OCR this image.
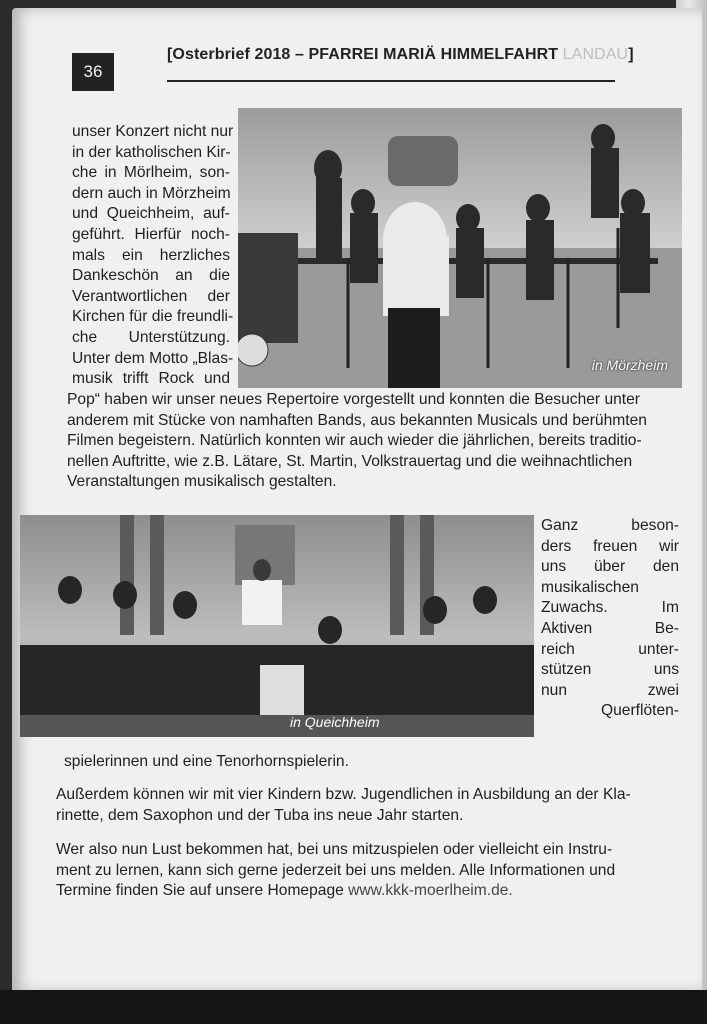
36
[Osterbrief 2018 – PFARREI MARIÄ HIMMELFAHRT LANDAU]
in Mörzheim
in Queichheim
unser Konzert nicht nur
in der katholischen Kir-
che in Mörlheim, son-
dern auch in Mörzheim
und Queichheim, auf-
geführt. Hierfür noch-
mals ein herzliches
Dankeschön an die
Verantwortlichen der
Kirchen für die freundli-
che Unterstützung.
Unter dem Motto „Blas-
musik trifft Rock und
Pop“ haben wir unser neues Repertoire vorgestellt und konnten die Besucher unter
anderem mit Stücke von namhaften Bands, aus bekannten Musicals und berühmten
Filmen begeistern. Natürlich konnten wir auch wieder die jährlichen, bereits traditio-
nellen Auftritte, wie z.B. Lätare, St. Martin, Volkstrauertag und die weihnachtlichen
Veranstaltungen musikalisch gestalten.
Ganz beson-
ders freuen wir
uns über den
musikalischen
Zuwachs. Im
Aktiven Be-
reich unter-
stützen uns
nun zwei
Querflöten-
spielerinnen und eine Tenorhornspielerin.
Außerdem können wir mit vier Kindern bzw. Jugendlichen in Ausbildung an der Kla-
rinette, dem Saxophon und der Tuba ins neue Jahr starten.
Wer also nun Lust bekommen hat, bei uns mitzuspielen oder vielleicht ein Instru-
ment zu lernen, kann sich gerne jederzeit bei uns melden. Alle Informationen und
Termine finden Sie auf unsere Homepage www.kkk-moerlheim.de.
